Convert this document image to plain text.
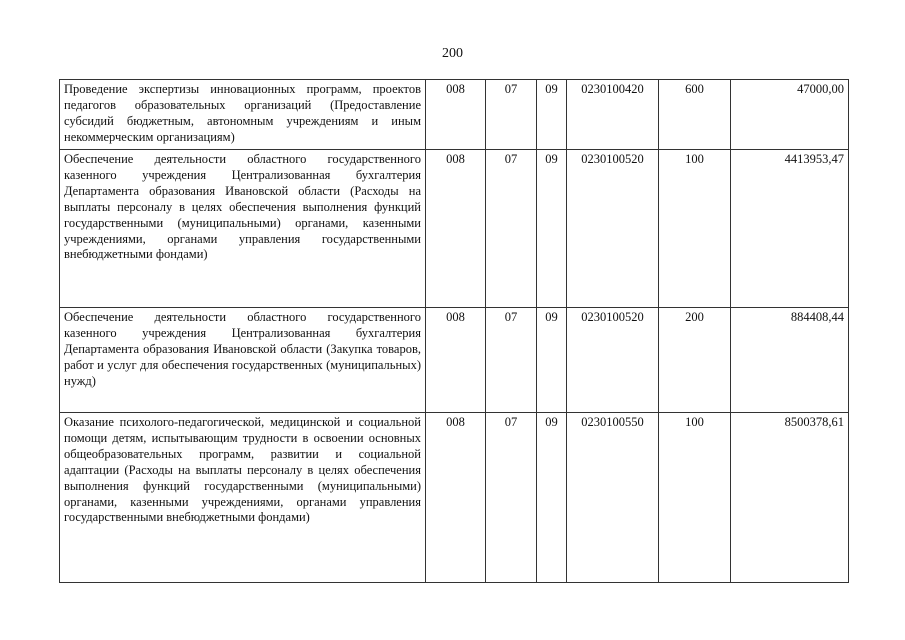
200
Проведение экспертизы инновационных программ, проектов педагогов образовательных организаций (Предоставление субсидий бюджетным, автономным учреждениям и иным некоммерческим организациям)	008	07	09	0230100420	600	47000,00
Обеспечение деятельности областного государственного казенного учреждения Централизованная бухгалтерия Департамента образования Ивановской области (Расходы на выплаты персоналу в целях обеспечения выполнения функций государственными (муниципальными) органами, казенными учреждениями, органами управления государственными внебюджетными фондами)	008	07	09	0230100520	100	4413953,47
Обеспечение деятельности областного государственного казенного учреждения Централизованная бухгалтерия Департамента образования Ивановской области (Закупка товаров, работ и услуг для обеспечения государственных (муниципальных) нужд)	008	07	09	0230100520	200	884408,44
Оказание психолого-педагогической, медицинской и социальной помощи детям, испытывающим трудности в освоении основных общеобразовательных программ, развитии и социальной адаптации (Расходы на выплаты персоналу в целях обеспечения выполнения функций государственными (муниципальными) органами, казенными учреждениями, органами управления государственными внебюджетными фондами)	008	07	09	0230100550	100	8500378,61
